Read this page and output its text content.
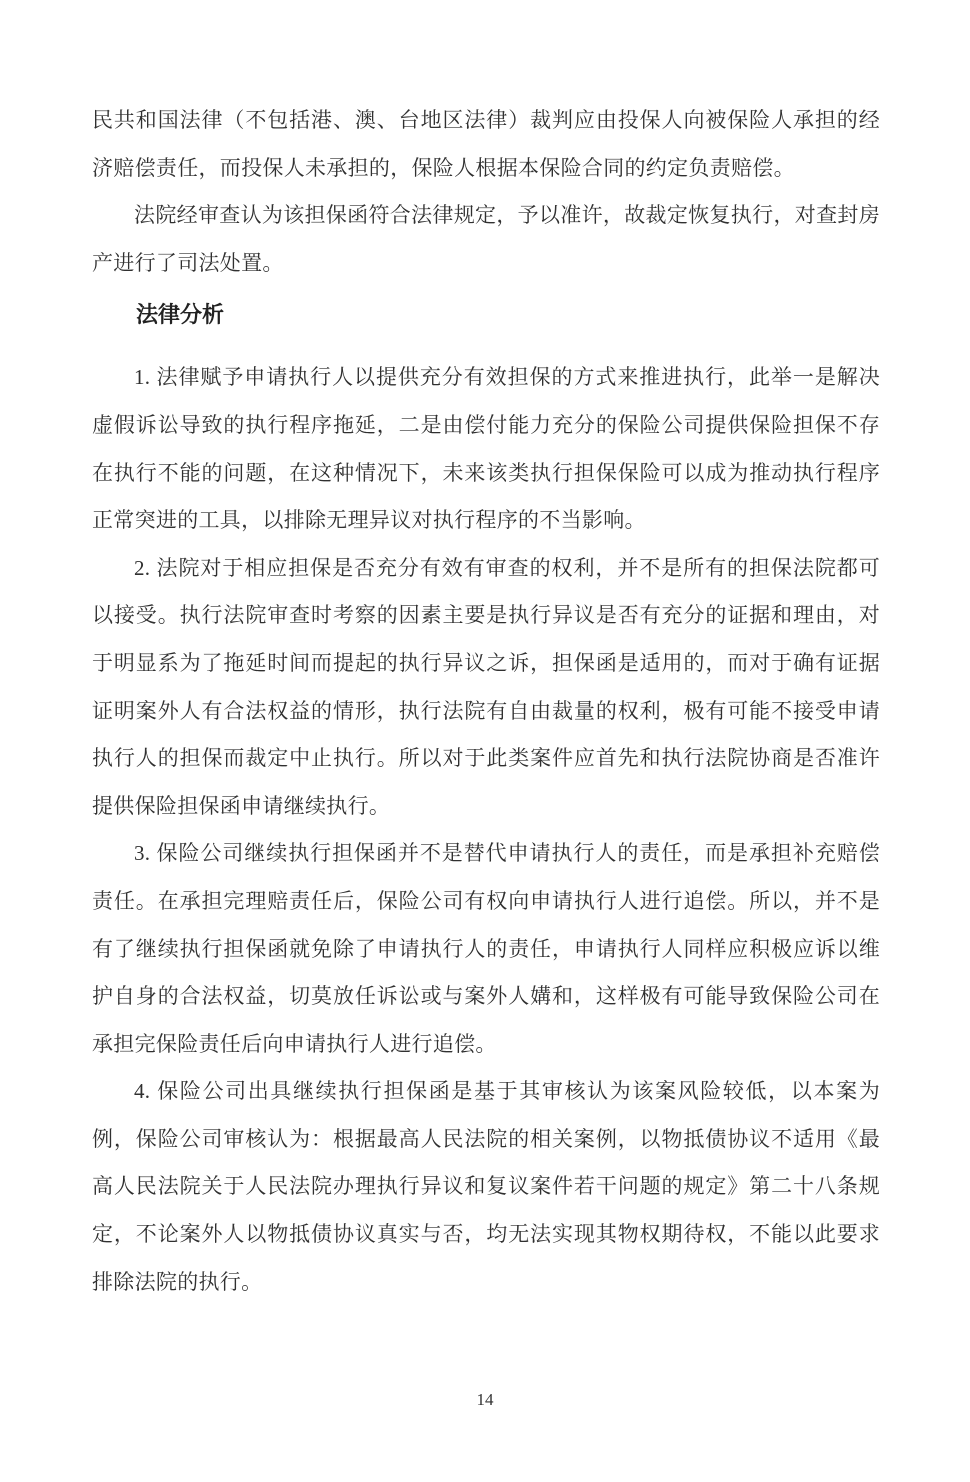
民共和国法律（不包括港、澳、台地区法律）裁判应由投保人向被保险人承担的经济赔偿责任，而投保人未承担的，保险人根据本保险合同的约定负责赔偿。

法院经审查认为该担保函符合法律规定，予以准许，故裁定恢复执行，对查封房产进行了司法处置。

法律分析

1. 法律赋予申请执行人以提供充分有效担保的方式来推进执行，此举一是解决虚假诉讼导致的执行程序拖延，二是由偿付能力充分的保险公司提供保险担保不存在执行不能的问题，在这种情况下，未来该类执行担保保险可以成为推动执行程序正常突进的工具，以排除无理异议对执行程序的不当影响。

2. 法院对于相应担保是否充分有效有审查的权利，并不是所有的担保法院都可以接受。执行法院审查时考察的因素主要是执行异议是否有充分的证据和理由，对于明显系为了拖延时间而提起的执行异议之诉，担保函是适用的，而对于确有证据证明案外人有合法权益的情形，执行法院有自由裁量的权利，极有可能不接受申请执行人的担保而裁定中止执行。所以对于此类案件应首先和执行法院协商是否准许提供保险担保函申请继续执行。

3. 保险公司继续执行担保函并不是替代申请执行人的责任，而是承担补充赔偿责任。在承担完理赔责任后，保险公司有权向申请执行人进行追偿。所以，并不是有了继续执行担保函就免除了申请执行人的责任，申请执行人同样应积极应诉以维护自身的合法权益，切莫放任诉讼或与案外人媾和，这样极有可能导致保险公司在承担完保险责任后向申请执行人进行追偿。

4. 保险公司出具继续执行担保函是基于其审核认为该案风险较低，以本案为例，保险公司审核认为：根据最高人民法院的相关案例，以物抵债协议不适用《最高人民法院关于人民法院办理执行异议和复议案件若干问题的规定》第二十八条规定，不论案外人以物抵债协议真实与否，均无法实现其物权期待权，不能以此要求排除法院的执行。

14
